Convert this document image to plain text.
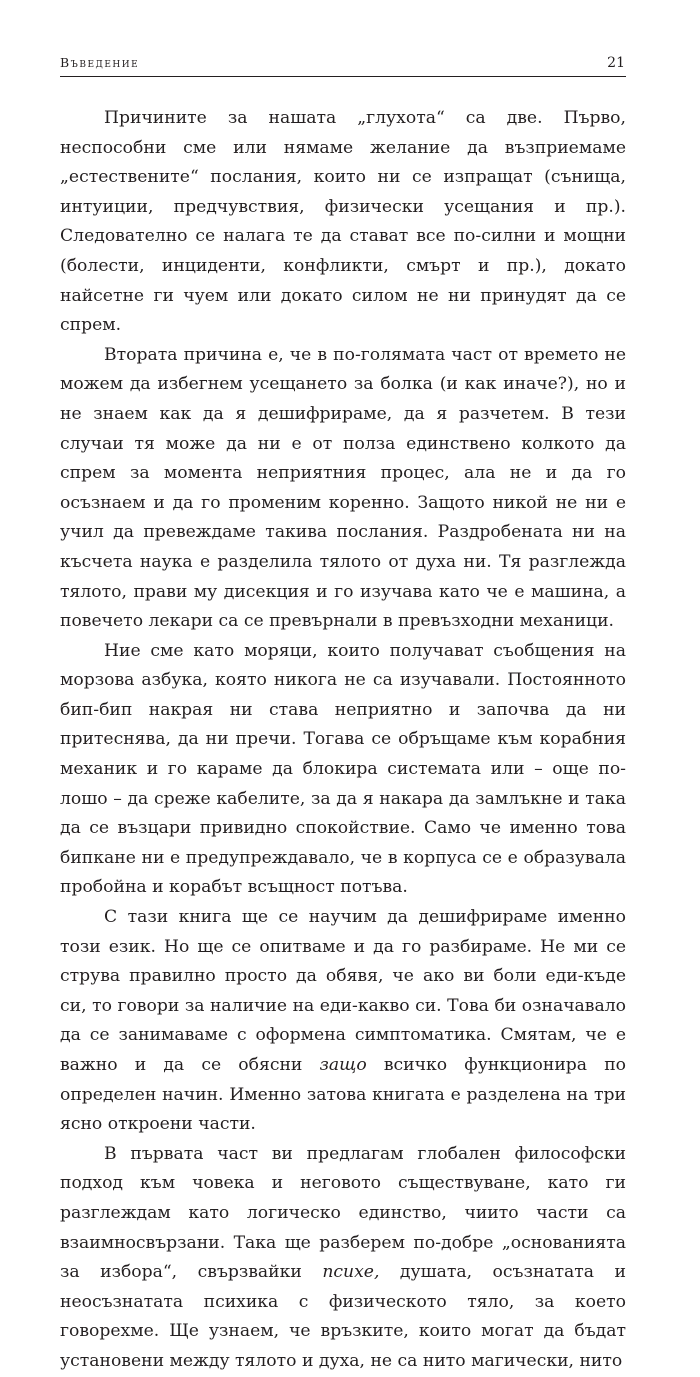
Въведение	21

Причините за нашата „глухота“ са две. Първо, неспособни сме или нямаме желание да възприемаме „естествените“ послания, които ни се изпращат (сънища, интуиции, предчувствия, физически усещания и пр.). Следователно се налага те да стават все по-силни и мощни (болести, инциденти, конфликти, смърт и пр.), докато найсетне ги чуем или докато силом не ни принудят да се спрем.

Втората причина е, че в по-голямата част от времето не можем да избегнем усещането за болка (и как иначе?), но и не знаем как да я дешифрираме, да я разчетем. В тези случаи тя може да ни е от полза единствено колкото да спрем за момента неприятния процес, ала не и да го осъзнаем и да го променим коренно. Защото никой не ни е учил да превеждаме такива послания. Раздробената ни на късчета наука е разделила тялото от духа ни. Тя разглежда тялото, прави му дисекция и го изучава като че е машина, а повечето лекари са се превърнали в превъзходни механици.

Ние сме като моряци, които получават съобщения на морзова азбука, която никога не са изучавали. Постоянното бип-бип накрая ни става неприятно и започва да ни притеснява, да ни пречи. Тогава се обръщаме към корабния механик и го караме да блокира системата или – още по-лошо – да среже кабелите, за да я накара да замлъкне и така да се възцари привидно спокойствие. Само че именно това бипкане ни е предупреждавало, че в корпуса се е образувала пробойна и корабът всъщност потъва.

С тази книга ще се научим да дешифрираме именно този език. Но ще се опитваме и да го разбираме. Не ми се струва правилно просто да обявя, че ако ви боли еди-къде си, то говори за наличие на еди-какво си. Това би означавало да се занимаваме с оформена симптоматика. Смятам, че е важно и да се обясни защо всичко функционира по определен начин. Именно затова книгата е разделена на три ясно откроени части.

В първата част ви предлагам глобален философски подход към човека и неговото съществуване, като ги разглеждам като логическо единство, чиито части са взаимносвързани. Така ще разберем по-добре „основанията за избора“, свързвайки психе, душата, осъзнатата и неосъзнатата психика с физическото тяло, за което говорехме. Ще узнаем, че връзките, които могат да бъдат установени между тялото и духа, не са нито магически, нито
